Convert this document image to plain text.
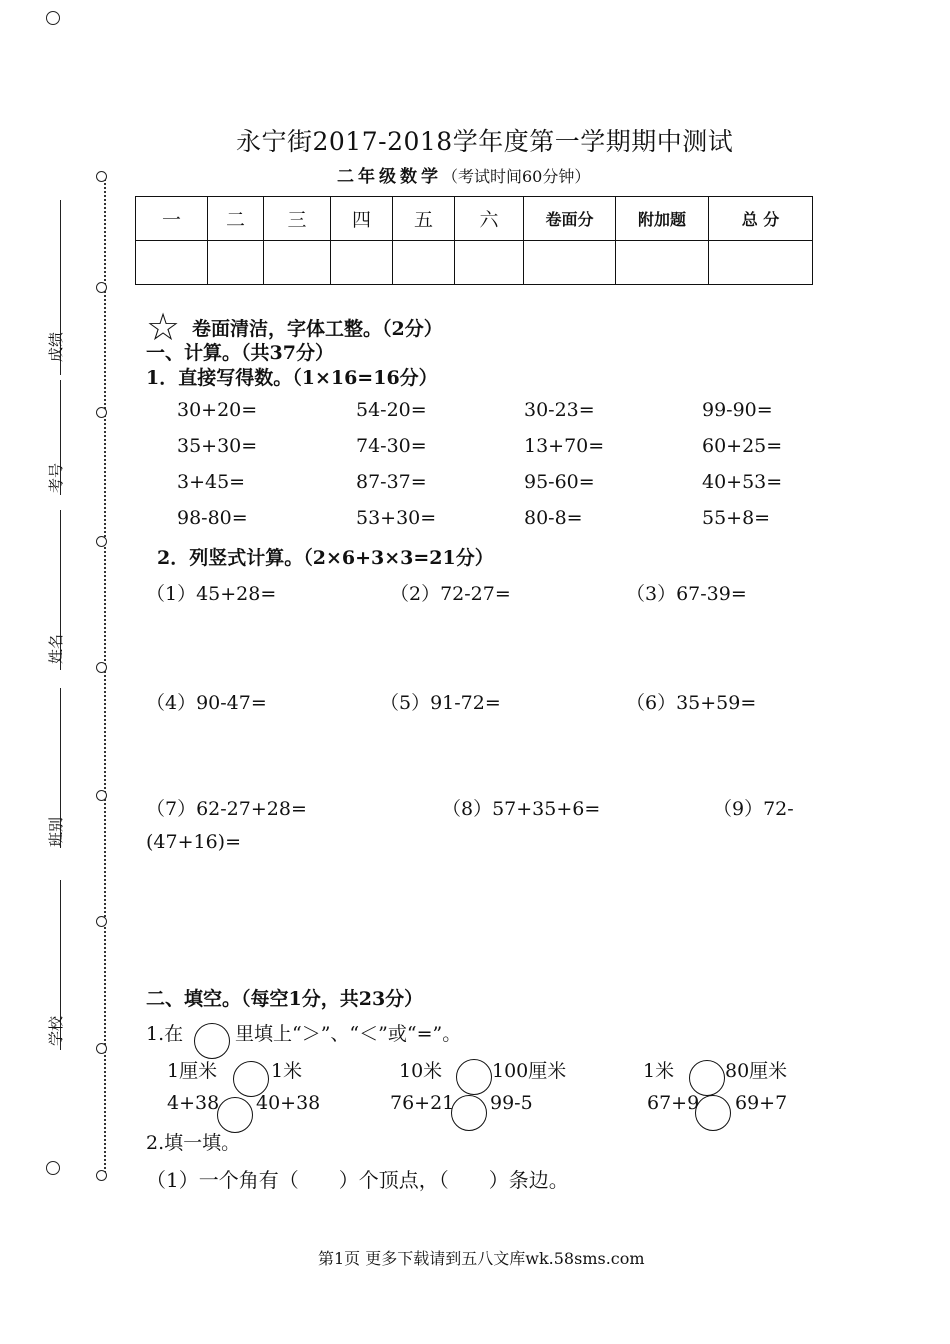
成绩
考号
姓名
班别
学校
永宁街2017-2018学年度第一学期期中测试
二年级数学（考试时间60分钟）
一	二	三	四	五	六	卷面分	附加题	总 分

☆ 卷面清洁，字体工整。（2分）
一、计算。（共37分）
1．直接写得数。（1×16=16分）
30+20=	54-20=	30-23=	99-90=
35+30=	74-30=	13+70=	60+25=
3+45=	87-37=	95-60=	40+53=
98-80=	53+30=	80-8=	55+8=
2．列竖式计算。（2×6+3×3=21分）
（1）45+28=	（2）72-27=	（3）67-39=
（4）90-47=	（5）91-72=	（6）35+59=
（7）62-27+28=	（8）57+35+6=	（9）72-
(47+16)=
二、填空。（每空1分，共23分）
1.在	里填上“＞”、“＜”或“=”。
1厘米	1米	10米	100厘米	1米	80厘米
4+38 40+38	76+21 99-5	67+9 69+7
2.填一填。
（1）一个角有（　　）个顶点，（　　）条边。
第1页 更多下载请到五八文库wk.58sms.com
